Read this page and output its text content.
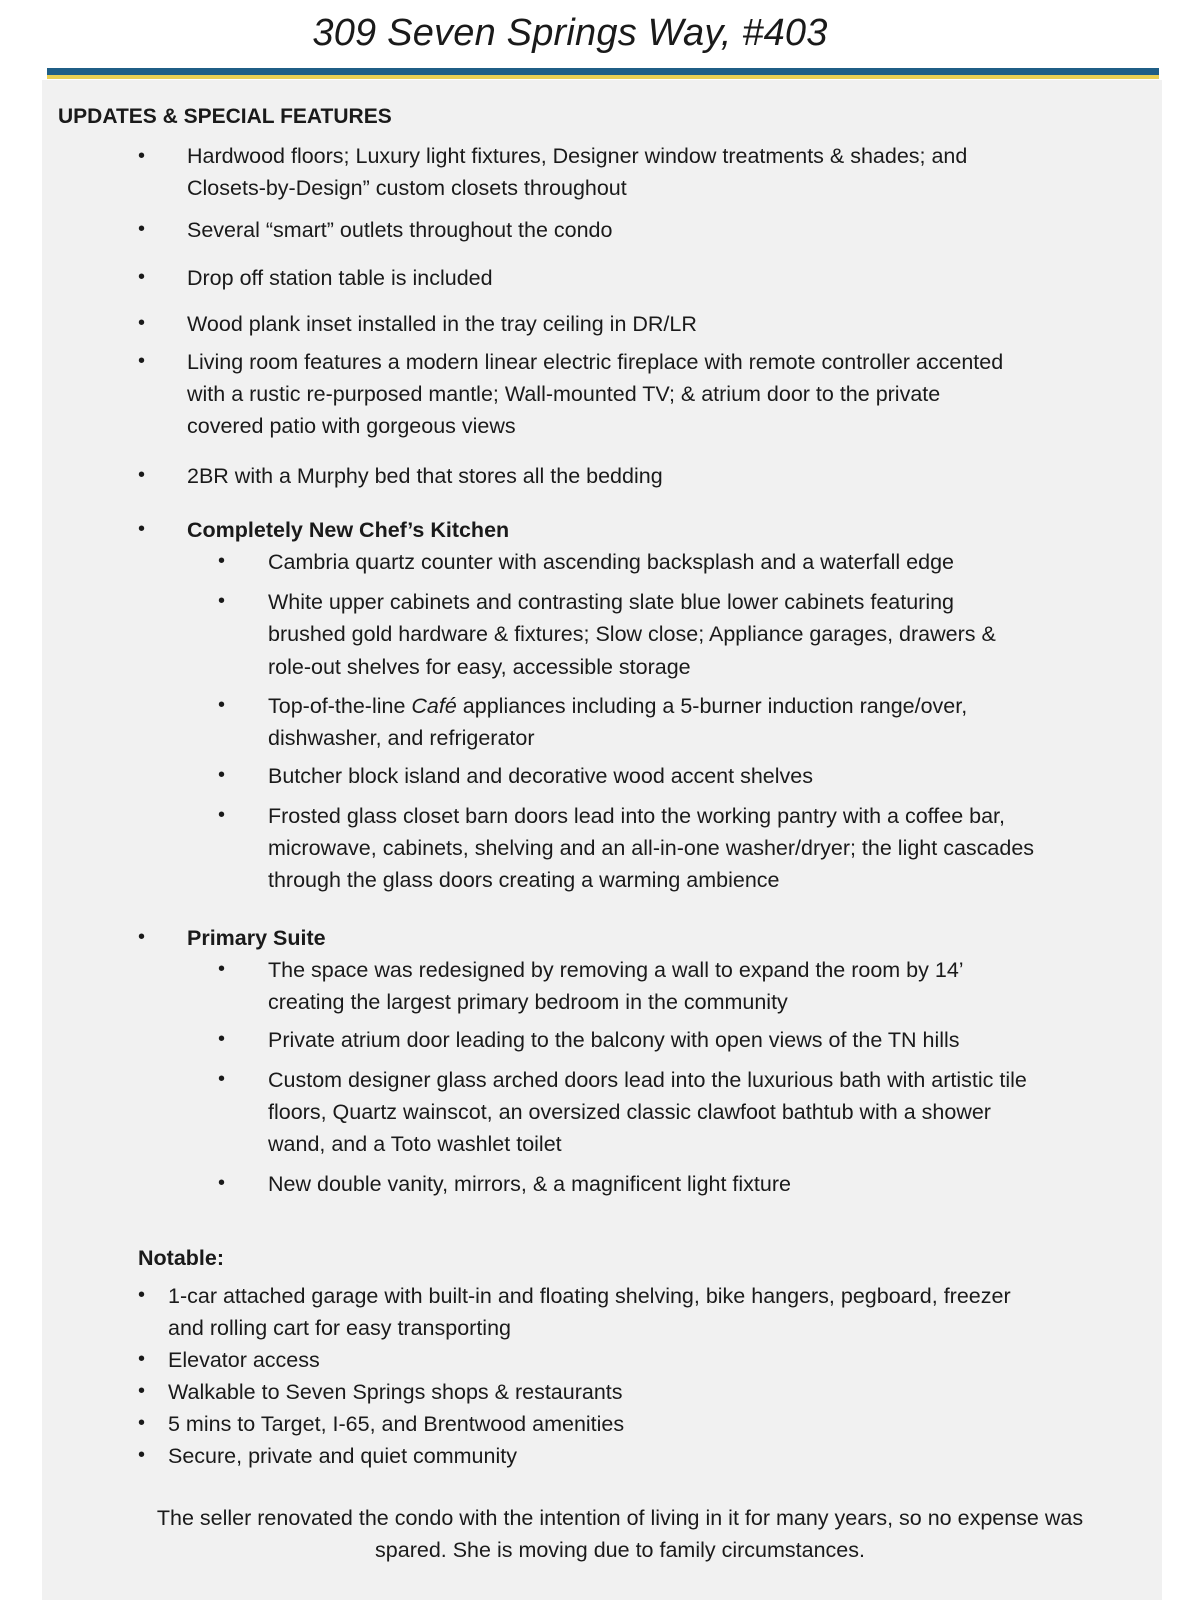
309 Seven Springs Way, #403
UPDATES & SPECIAL FEATURES
• Hardwood floors; Luxury light fixtures, Designer window treatments & shades; and
Closets-by-Design” custom closets throughout
• Several “smart” outlets throughout the condo
• Drop off station table is included
• Wood plank inset installed in the tray ceiling in DR/LR
• Living room features a modern linear electric fireplace with remote controller accented
with a rustic re-purposed mantle; Wall-mounted TV; & atrium door to the private
covered patio with gorgeous views
• 2BR with a Murphy bed that stores all the bedding
• Completely New Chef’s Kitchen
• Cambria quartz counter with ascending backsplash and a waterfall edge
• White upper cabinets and contrasting slate blue lower cabinets featuring
brushed gold hardware & fixtures; Slow close; Appliance garages, drawers &
role-out shelves for easy, accessible storage
• Top-of-the-line Café appliances including a 5-burner induction range/over,
dishwasher, and refrigerator
• Butcher block island and decorative wood accent shelves
• Frosted glass closet barn doors lead into the working pantry with a coffee bar,
microwave, cabinets, shelving and an all-in-one washer/dryer; the light cascades
through the glass doors creating a warming ambience
• Primary Suite
• The space was redesigned by removing a wall to expand the room by 14’
creating the largest primary bedroom in the community
• Private atrium door leading to the balcony with open views of the TN hills
• Custom designer glass arched doors lead into the luxurious bath with artistic tile
floors, Quartz wainscot, an oversized classic clawfoot bathtub with a shower
wand, and a Toto washlet toilet
• New double vanity, mirrors, & a magnificent light fixture
Notable:
• 1-car attached garage with built-in and floating shelving, bike hangers, pegboard, freezer
and rolling cart for easy transporting
• Elevator access
• Walkable to Seven Springs shops & restaurants
• 5 mins to Target, I-65, and Brentwood amenities
• Secure, private and quiet community
The seller renovated the condo with the intention of living in it for many years, so no expense was spared. She is moving due to family circumstances.
